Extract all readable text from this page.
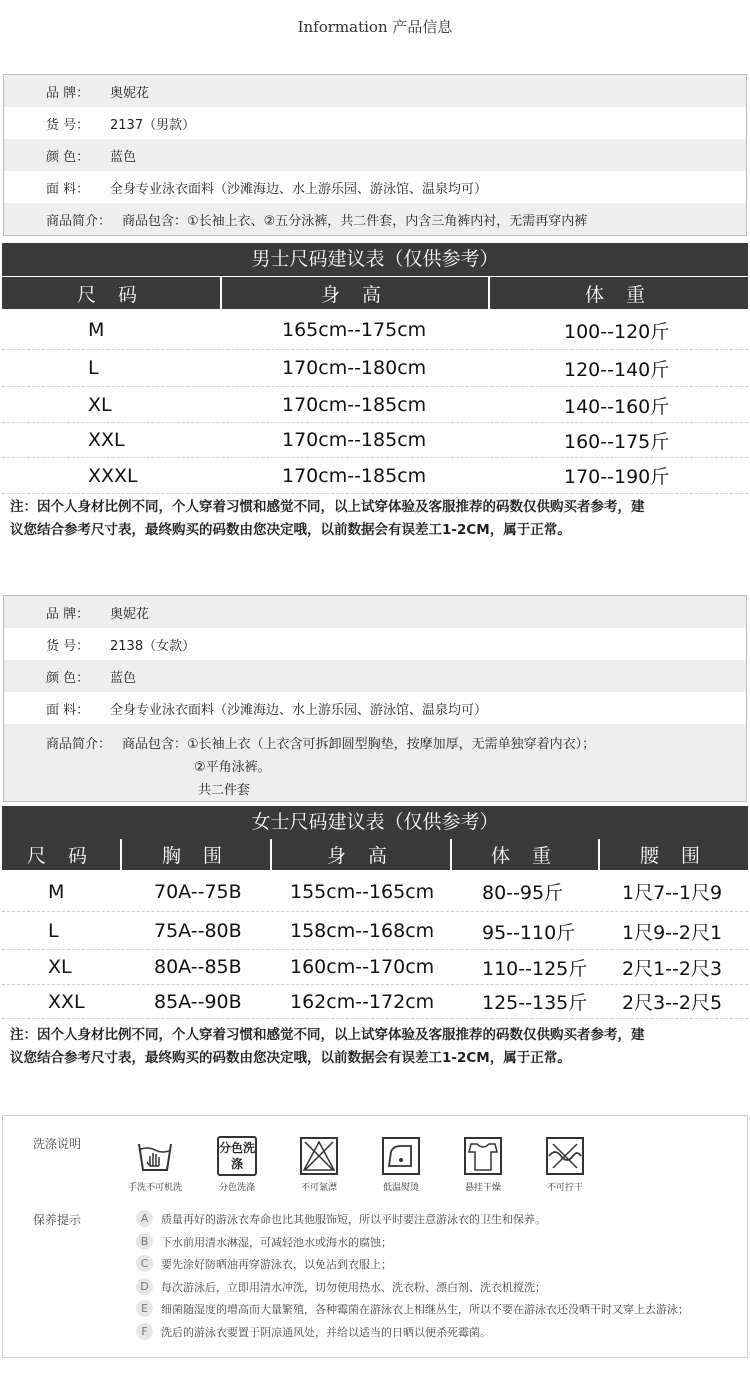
Information 产品信息
品 牌： 奥妮花
货 号： 2137（男款）
颜 色： 蓝色
面 料： 全身专业泳衣面料（沙滩海边、水上游乐园、游泳馆、温泉均可）
商品简介： 商品包含：①长袖上衣、②五分泳裤，共二件套，内含三角裤内衬，无需再穿内裤
男士尺码建议表（仅供参考）
尺 码	身 高	体 重
M	165cm--175cm	100--120斤
L	170cm--180cm	120--140斤
XL	170cm--185cm	140--160斤
XXL	170cm--185cm	160--175斤
XXXL	170cm--185cm	170--190斤
注：因个人身材比例不同，个人穿着习惯和感觉不同，以上试穿体验及客服推荐的码数仅供购买者参考，建
议您结合参考尺寸表，最终购买的码数由您决定哦，以前数据会有误差工1-2CM，属于正常。
品 牌： 奥妮花
货 号： 2138（女款）
颜 色： 蓝色
面 料： 全身专业泳衣面料（沙滩海边、水上游乐园、游泳馆、温泉均可）
商品简介： 商品包含：①长袖上衣（上衣含可拆卸圆型胸垫，按摩加厚，无需单独穿着内衣）；
②平角泳裤。
共二件套
女士尺码建议表（仅供参考）
尺 码	胸 围	身 高	体 重	腰 围
M	70A--75B	155cm--165cm	80--95斤	1尺7--1尺9
L	75A--80B	158cm--168cm	95--110斤 1尺9--2尺1
XL	80A--85B	160cm--170cm	110--125斤 2尺1--2尺3
XXL	85A--90B	162cm--172cm	125--135斤 2尺3--2尺5
注：因个人身材比例不同，个人穿着习惯和感觉不同，以上试穿体验及客服推荐的码数仅供购买者参考，建
议您结合参考尺寸表，最终购买的码数由您决定哦，以前数据会有误差工1-2CM，属于正常。
洗涤说明
手洗不可机洗
分色洗涤
分色洗涤	不可氯漂	低温熨烫	悬挂干燥	不可拧干
保养提示	A	质量再好的游泳衣寿命也比其他服饰短，所以平时要注意游泳衣的卫生和保养。
B	下水前用清水淋湿，可减轻池水或海水的腐蚀；
C	要先涂好防晒油再穿游泳衣，以免沾到衣服上；
D	每次游泳后，立即用清水冲洗，切勿使用热水、洗衣粉、漂白剂、洗衣机搅洗；
E	细菌随湿度的增高而大量繁殖，各种霉菌在游泳衣上相继丛生，所以不要在游泳衣还没晒干时又穿上去游泳；
F	洗后的游泳衣要置于阴凉通风处，并给以适当的日晒以便杀死霉菌。
